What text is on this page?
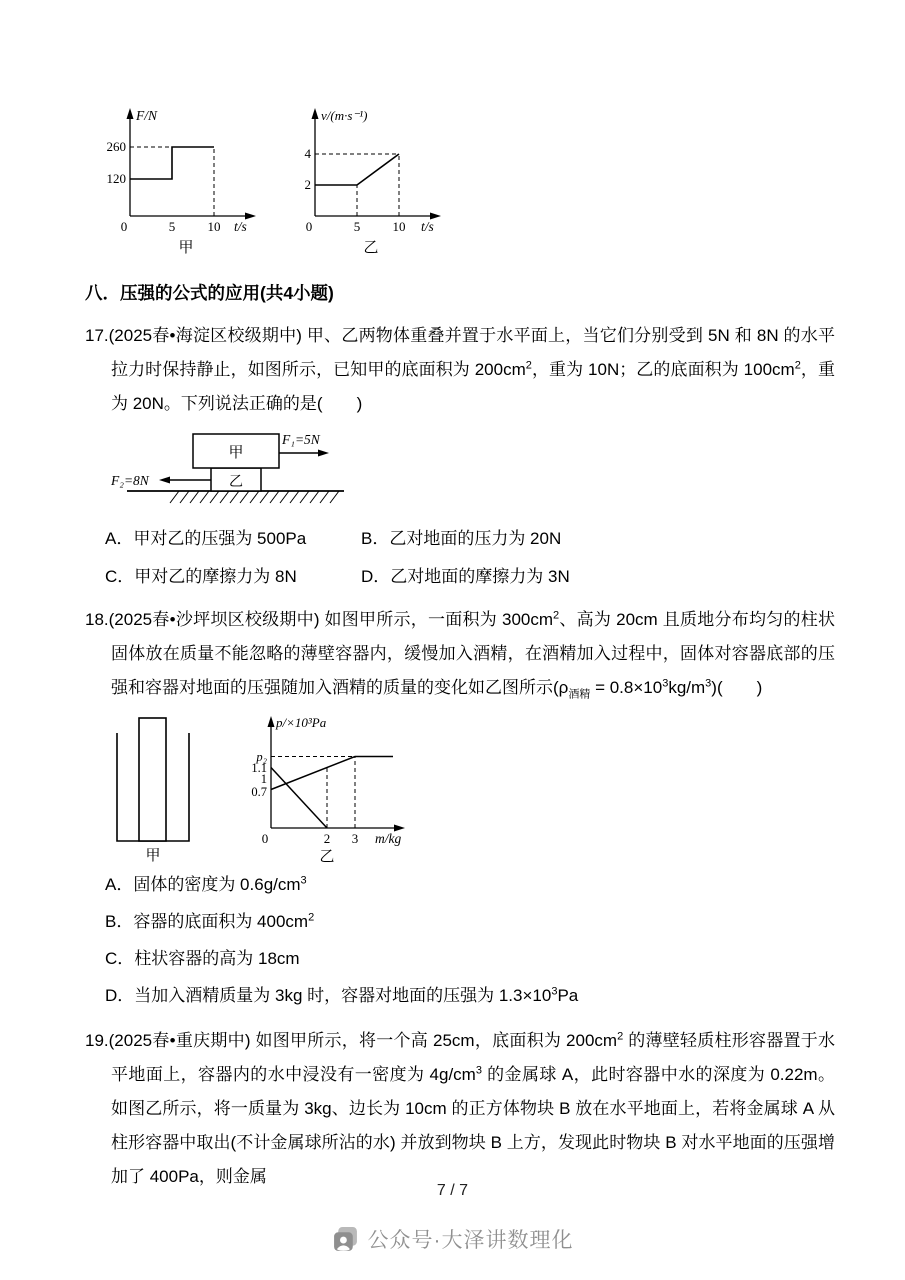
F/N
260
120
0	5 10 t/s
甲
v/(m·s⁻¹)
4
2
0	5 10 t/s
乙
八．压强的公式的应用(共4小题)
17.(2025春•海淀区校级期中) 甲、乙两物体重叠并置于水平面上，当它们分别受到 5N 和 8N 的水平拉力时保持静止，如图所示，已知甲的底面积为 $200cm^2$，重为 10N；乙的底面积为 $100cm^2$，重为 20N。下列说法正确的是(　　)
乙
甲
F₁=5N
F₂=8N
A．甲对乙的压强为 500Pa	B．乙对地面的压力为 20N
C．甲对乙的摩擦力为 8N	D．乙对地面的摩擦力为 3N
18.(2025春•沙坪坝区校级期中) 如图甲所示，一面积为 $300cm^2$、高为 20cm 且质地分布均匀的柱状固体放在质量不能忽略的薄壁容器内，缓慢加入酒精，在酒精加入过程中，固体对容器底部的压强和容器对地面的压强随加入酒精的质量的变化如乙图所示$(\rho_{酒精} = 0.8\times 10^3kg/m^3)$(　　)
甲
p/×10³Pa
p₂
1.1
1
0.7
0	2 3 m/kg
乙
A．固体的密度为 $0.6g/cm^3$
B．容器的底面积为 $400cm^2$
C．柱状容器的高为 18cm
D．当加入酒精质量为 3kg 时，容器对地面的压强为 $1.3\times 10^3Pa$
19.(2025春•重庆期中) 如图甲所示，将一个高 25cm，底面积为 $200cm^2$ 的薄壁轻质柱形容器置于水平地面上，容器内的水中浸没有一密度为 $4g/cm^3$ 的金属球 A，此时容器中水的深度为 0.22m。如图乙所示，将一质量为 3kg、边长为 10cm 的正方体物块 B 放在水平地面上，若将金属球 A 从柱形容器中取出(不计金属球所沾的水) 并放到物块 B 上方，发现此时物块 B 对水平地面的压强增加了 400Pa，则金属
7 / 7
公众号·大泽讲数理化
